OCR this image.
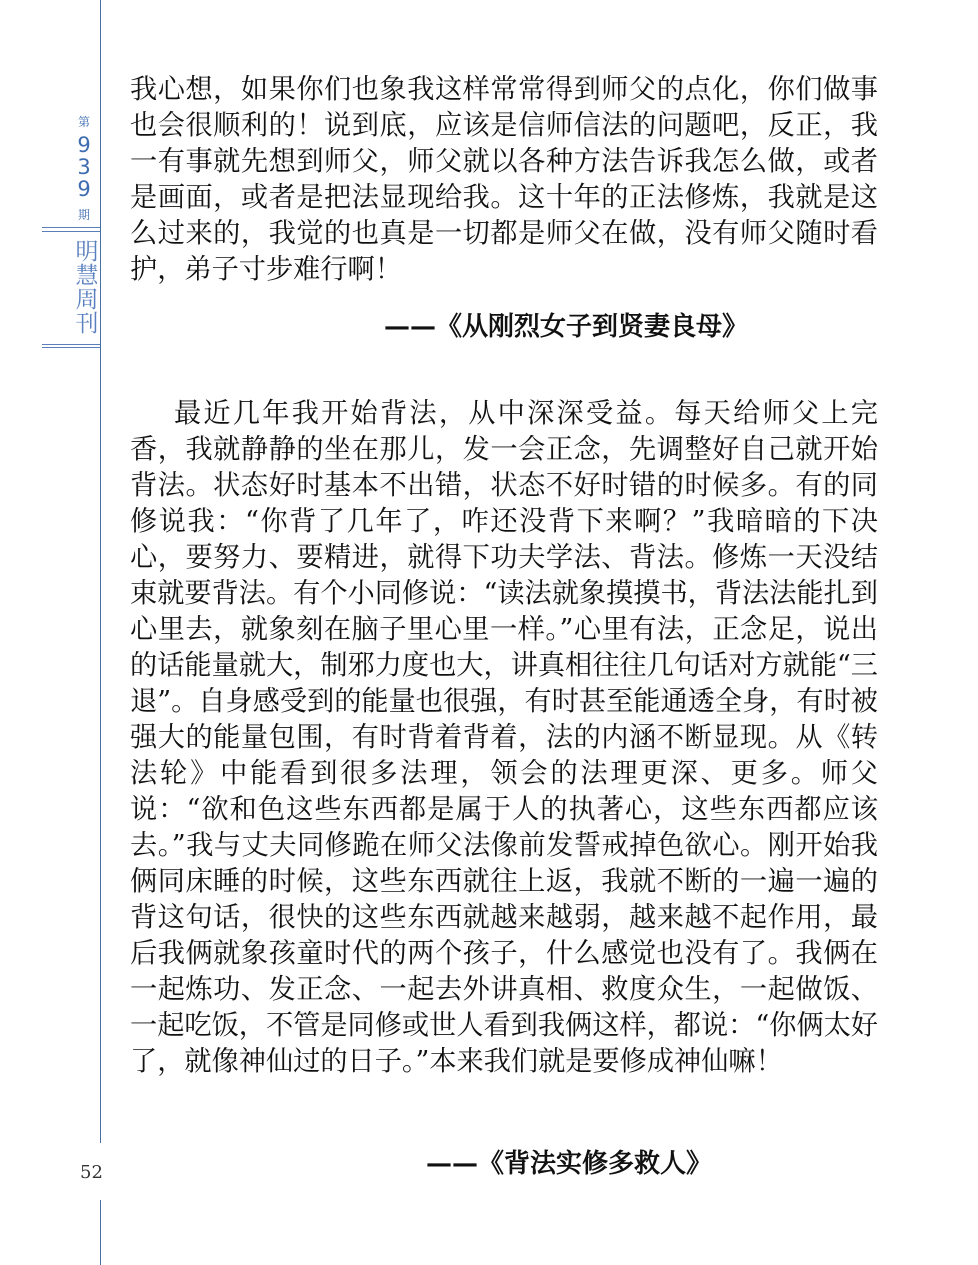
第
9
3
9
期
明
慧
周
刊

我心想，如果你们也象我这样常常得到师父的点化，你们做事也会很顺利的！说到底，应该是信师信法的问题吧，反正，我一有事就先想到师父，师父就以各种方法告诉我怎么做，或者是画面，或者是把法显现给我。这十年的正法修炼，我就是这么过来的，我觉的也真是一切都是师父在做，没有师父随时看护，弟子寸步难行啊！

——《从刚烈女子到贤妻良母》

最近几年我开始背法，从中深深受益。每天给师父上完香，我就静静的坐在那儿，发一会正念，先调整好自己就开始背法。状态好时基本不出错，状态不好时错的时候多。有的同修说我：“你背了几年了，咋还没背下来啊？”我暗暗的下决心，要努力、要精进，就得下功夫学法、背法。修炼一天没结束就要背法。有个小同修说：“读法就象摸摸书，背法法能扎到心里去，就象刻在脑子里心里一样。”心里有法，正念足，说出的话能量就大，制邪力度也大，讲真相往往几句话对方就能“三退”。自身感受到的能量也很强，有时甚至能通透全身，有时被强大的能量包围，有时背着背着，法的内涵不断显现。从《转法轮》中能看到很多法理，领会的法理更深、更多。师父说：“欲和色这些东西都是属于人的执著心，这些东西都应该去。”我与丈夫同修跪在师父法像前发誓戒掉色欲心。刚开始我俩同床睡的时候，这些东西就往上返，我就不断的一遍一遍的背这句话，很快的这些东西就越来越弱，越来越不起作用，最后我俩就象孩童时代的两个孩子，什么感觉也没有了。我俩在一起炼功、发正念、一起去外讲真相、救度众生，一起做饭、一起吃饭，不管是同修或世人看到我俩这样，都说：“你俩太好了，就像神仙过的日子。”本来我们就是要修成神仙嘛！

——《背法实修多救人》

52
